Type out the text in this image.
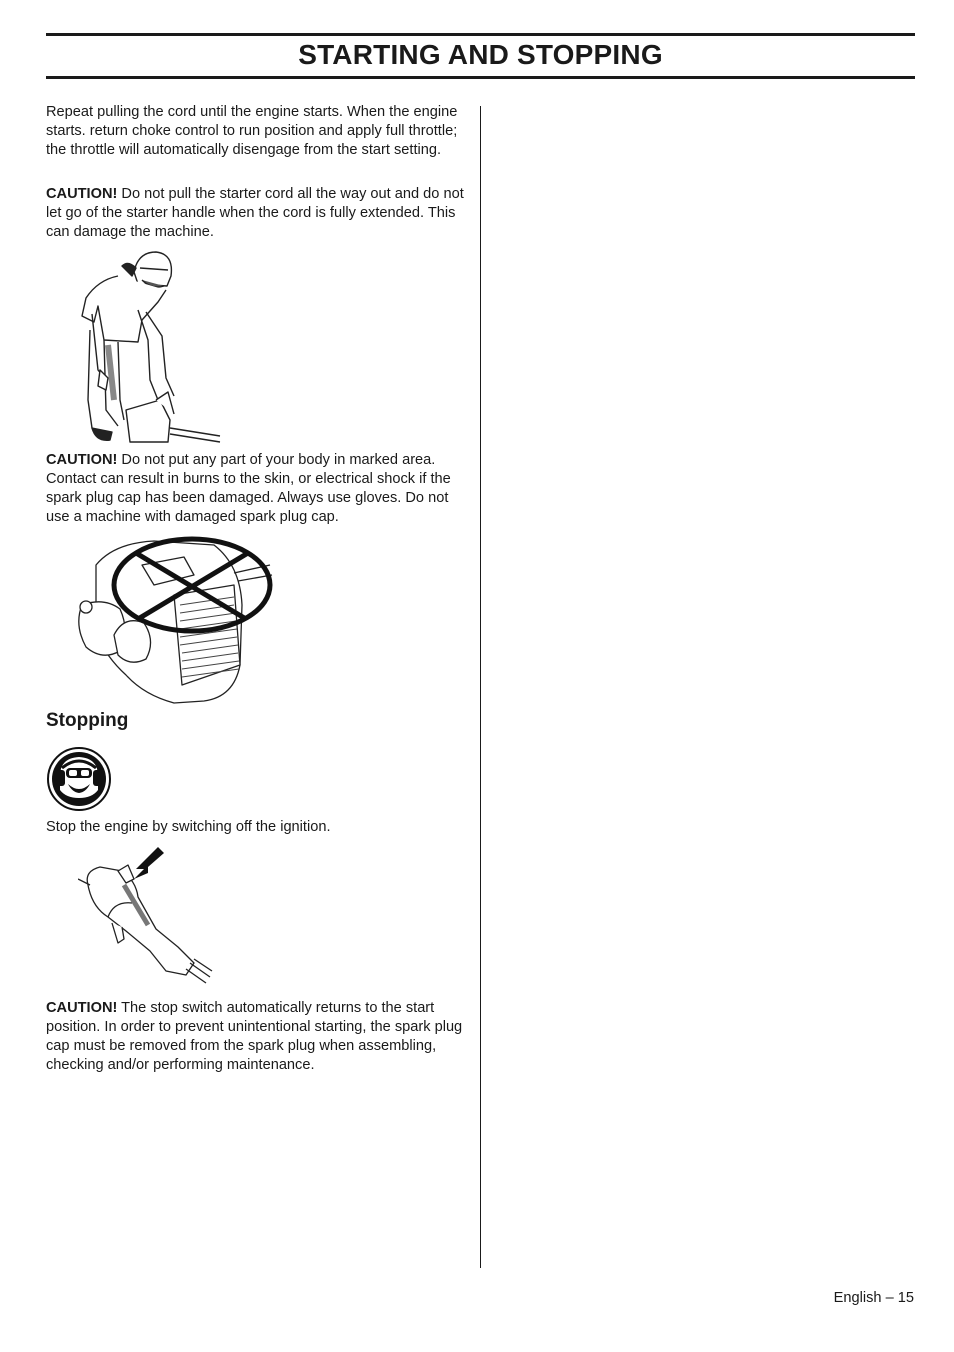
STARTING AND STOPPING

Repeat pulling the cord until the engine starts. When the engine starts. return choke control to run position and apply full throttle; the throttle will automatically disengage from the start setting.

CAUTION! Do not pull the starter cord all the way out and do not let go of the starter handle when the cord is fully extended. This can damage the machine.

CAUTION! Do not put any part of your body in marked area. Contact can result in burns to the skin, or electrical shock if the spark plug cap has been damaged. Always use gloves. Do not use a machine with damaged spark plug cap.

Stopping

Stop the engine by switching off the ignition.

CAUTION! The stop switch automatically returns to the start position. In order to prevent unintentional starting, the spark plug cap must be removed from the spark plug when assembling, checking and/or performing maintenance.

English – 15
